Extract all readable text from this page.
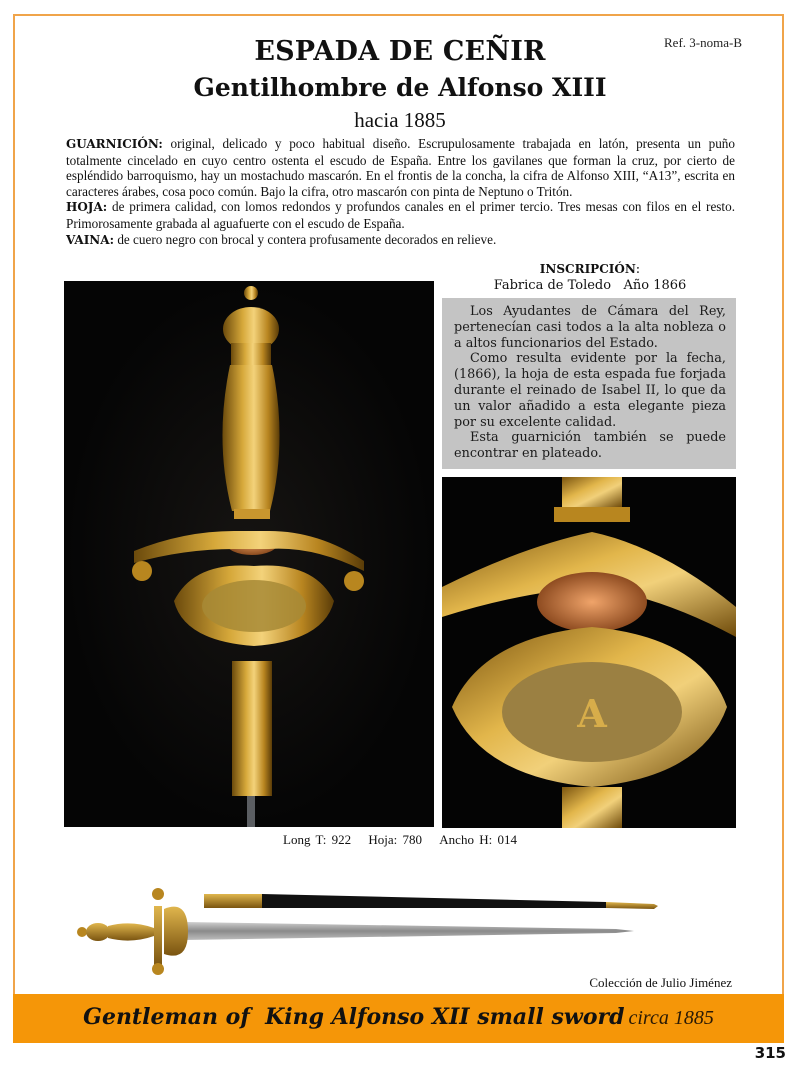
Ref. 3-noma-B
ESPADA DE CEÑIR
Gentilhombre de Alfonso XIII
hacia 1885

GUARNICIÓN: original, delicado y poco habitual diseño. Escrupulosamente trabajada en latón, presenta un puño totalmente cincelado en cuyo centro ostenta el escudo de España. Entre los gavilanes que forman la cruz, por cierto de espléndido barroquismo, hay un mostachudo mascarón. En el frontis de la concha, la cifra de Alfonso XIII, “A13”, escrita en caracteres árabes, cosa poco común. Bajo la cifra, otro mascarón con pinta de Neptuno o Tritón.

HOJA: de primera calidad, con lomos redondos y profundos canales en el primer tercio. Tres mesas con filos en el resto. Primorosamente grabada al aguafuerte con el escudo de España.

VAINA: de cuero negro con brocal y contera profusamente decorados en relieve.

INSCRIPCIÓN:
Fabrica de Toledo   Año 1866

Los Ayudantes de Cámara del Rey, pertenecían casi todos a la alta nobleza o a altos funcionarios del Estado.

Como resulta evidente por la fecha, (1866), la hoja de esta espada fue forjada durante el reinado de Isabel II, lo que da un valor añadido a esta elegante pieza por su excelente calidad.

Esta guarnición también se puede encontrar en plateado.

A
Long T: 922 Hoja: 780 Ancho H: 014
Colección de Julio Jiménez
Gentleman of  King Alfonso XII small sword circa 1885
315
